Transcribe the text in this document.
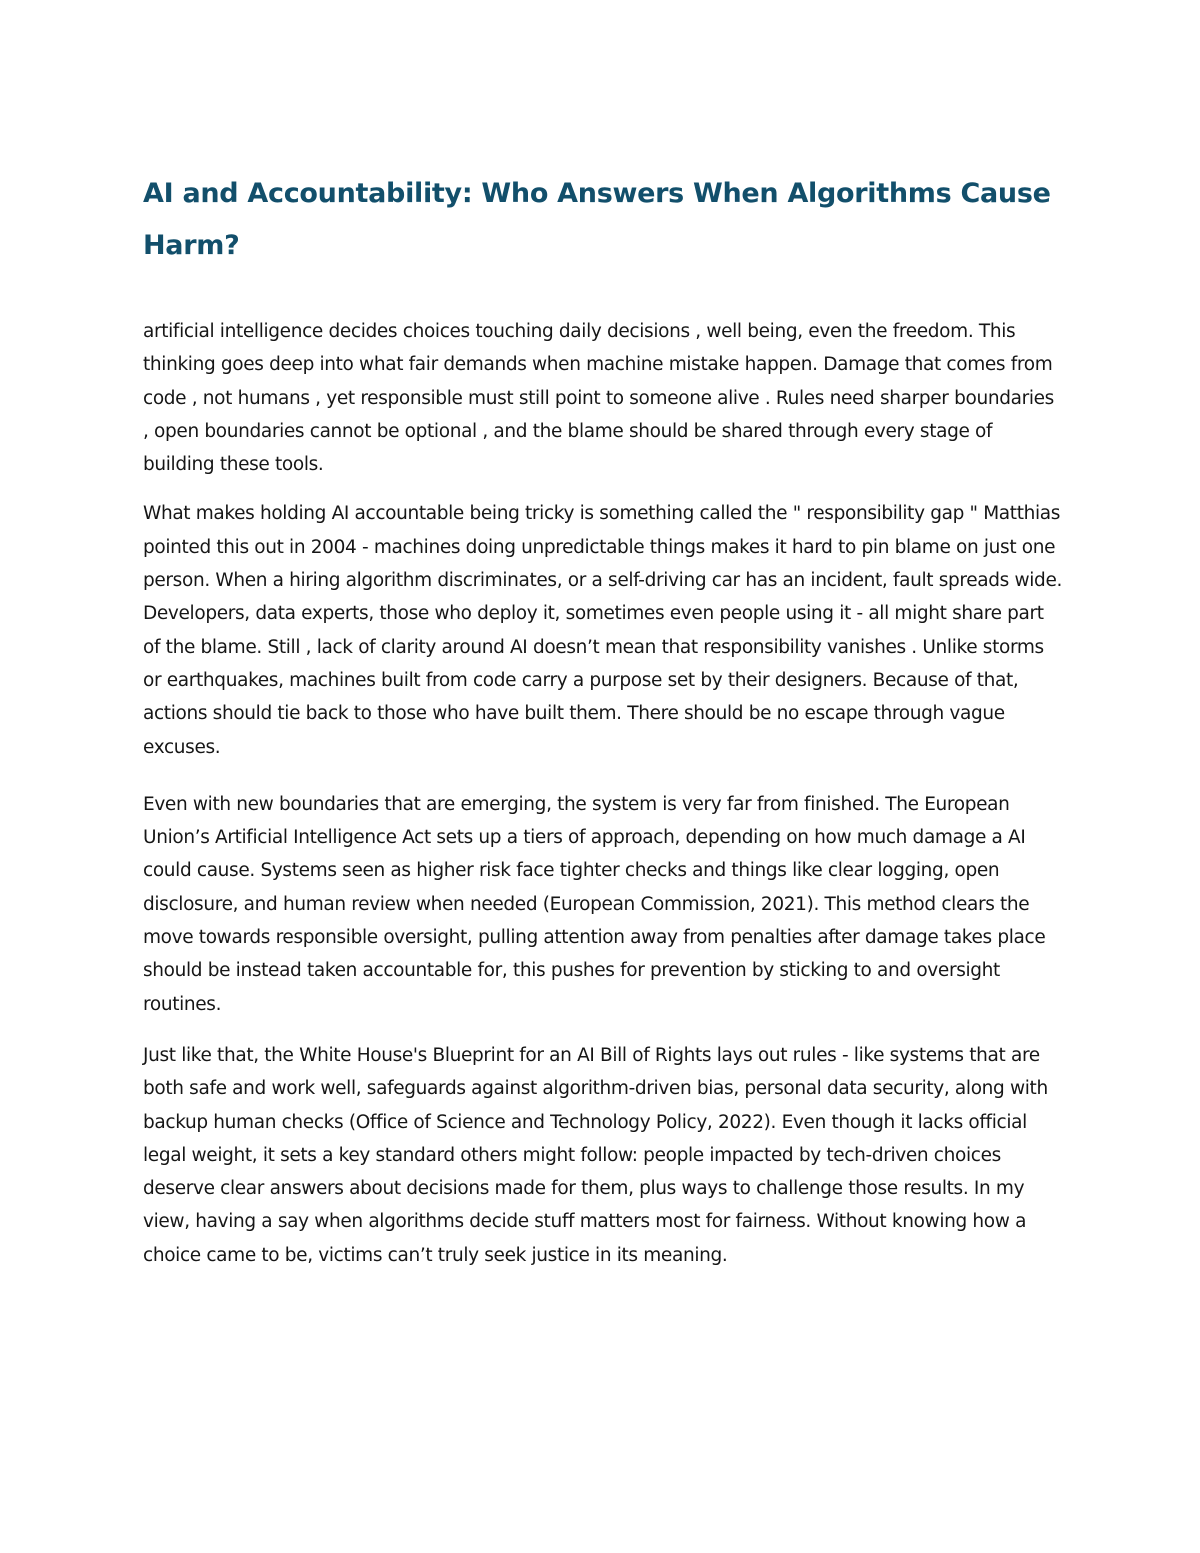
AI and Accountability: Who Answers When Algorithms Cause Harm?

artificial intelligence decides choices touching daily decisions , well being, even the freedom. This thinking goes deep into what fair demands when machine mistake happen. Damage that comes from code , not humans , yet responsible must still point to someone alive . Rules need sharper boundaries , open boundaries cannot be optional , and the blame should be shared through every stage of building these tools.

What makes holding AI accountable being tricky is something called the " responsibility gap " Matthias pointed this out in 2004 - machines doing unpredictable things makes it hard to pin blame on just one person. When a hiring algorithm discriminates, or a self-driving car has an incident, fault spreads wide. Developers, data experts, those who deploy it, sometimes even people using it - all might share part of the blame. Still , lack of clarity around AI doesn’t mean that responsibility vanishes . Unlike storms or earthquakes, machines built from code carry a purpose set by their designers. Because of that, actions should tie back to those who have built them. There should be no escape through vague excuses.

Even with new boundaries that are emerging, the system is very far from finished. The European Union’s Artificial Intelligence Act sets up a tiers of approach, depending on how much damage a AI could cause. Systems seen as higher risk face tighter checks and things like clear logging, open disclosure, and human review when needed (European Commission, 2021). This method clears the move towards responsible oversight, pulling attention away from penalties after damage takes place should be instead taken accountable for, this pushes for prevention by sticking to and oversight routines.

Just like that, the White House's Blueprint for an AI Bill of Rights lays out rules - like systems that are both safe and work well, safeguards against algorithm-driven bias, personal data security, along with backup human checks (Office of Science and Technology Policy, 2022). Even though it lacks official legal weight, it sets a key standard others might follow: people impacted by tech-driven choices deserve clear answers about decisions made for them, plus ways to challenge those results. In my view, having a say when algorithms decide stuff matters most for fairness. Without knowing how a choice came to be, victims can’t truly seek justice in its meaning.
